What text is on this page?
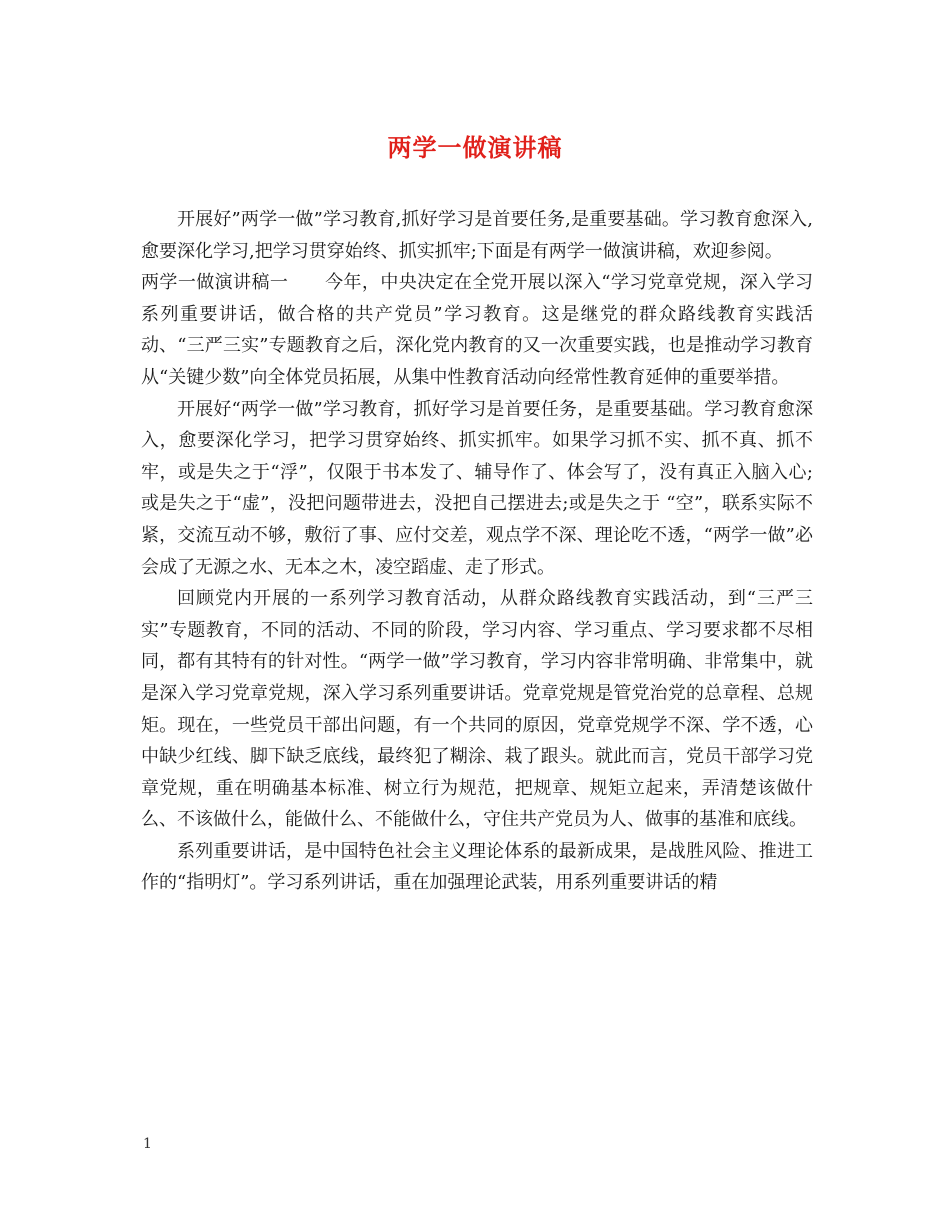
两学一做演讲稿

开展好”两学一做”学习教育,抓好学习是首要任务,是重要基础。学习教育愈深入,愈要深化学习,把学习贯穿始终、抓实抓牢;下面是有两学一做演讲稿，欢迎参阅。

两学一做演讲稿一　　今年，中央决定在全党开展以深入“学习党章党规，深入学习系列重要讲话，做合格的共产党员”学习教育。这是继党的群众路线教育实践活动、“三严三实”专题教育之后，深化党内教育的又一次重要实践，也是推动学习教育从“关键少数”向全体党员拓展，从集中性教育活动向经常性教育延伸的重要举措。

开展好“两学一做”学习教育，抓好学习是首要任务，是重要基础。学习教育愈深入，愈要深化学习，把学习贯穿始终、抓实抓牢。如果学习抓不实、抓不真、抓不牢，或是失之于“浮”，仅限于书本发了、辅导作了、体会写了，没有真正入脑入心;或是失之于“虚”，没把问题带进去，没把自己摆进去;或是失之于 “空”，联系实际不紧，交流互动不够，敷衍了事、应付交差，观点学不深、理论吃不透，“两学一做”必会成了无源之水、无本之木，凌空蹈虚、走了形式。

回顾党内开展的一系列学习教育活动，从群众路线教育实践活动，到“三严三实”专题教育，不同的活动、不同的阶段，学习内容、学习重点、学习要求都不尽相同，都有其特有的针对性。“两学一做”学习教育，学习内容非常明确、非常集中，就是深入学习党章党规，深入学习系列重要讲话。党章党规是管党治党的总章程、总规矩。现在，一些党员干部出问题，有一个共同的原因，党章党规学不深、学不透，心中缺少红线、脚下缺乏底线，最终犯了糊涂、栽了跟头。就此而言，党员干部学习党章党规，重在明确基本标准、树立行为规范，把规章、规矩立起来，弄清楚该做什么、不该做什么，能做什么、不能做什么，守住共产党员为人、做事的基准和底线。

系列重要讲话，是中国特色社会主义理论体系的最新成果，是战胜风险、推进工作的“指明灯”。学习系列讲话，重在加强理论武装，用系列重要讲话的精

1
